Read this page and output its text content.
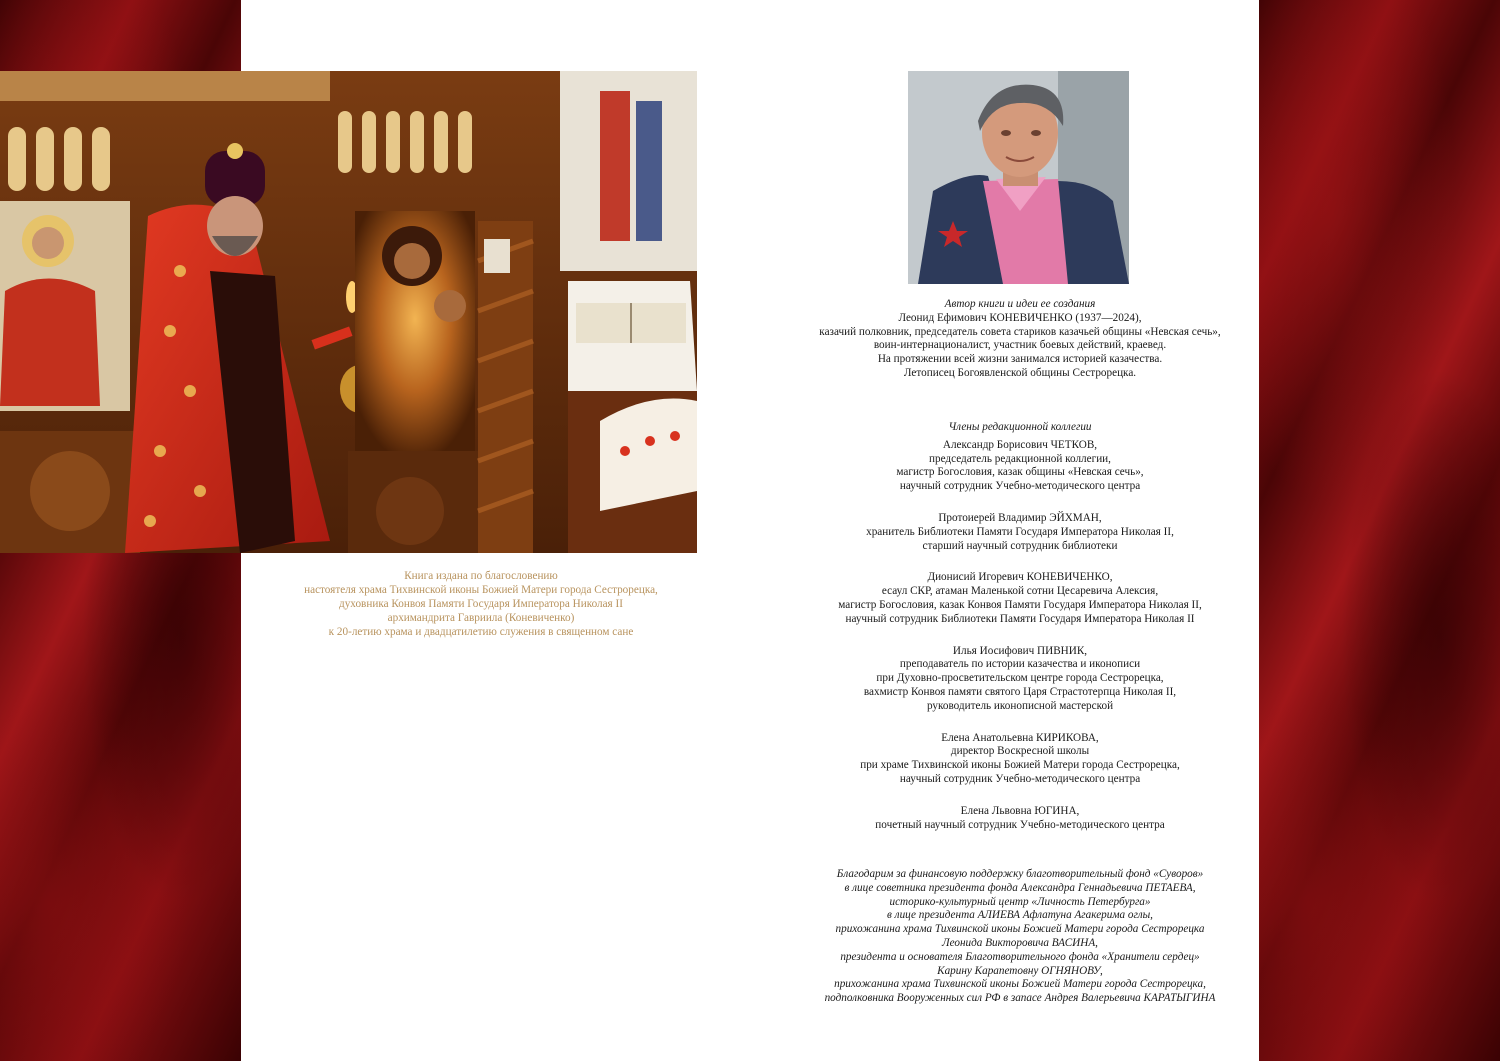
Книга издана по благословению
настоятеля храма Тихвинской иконы Божией Матери города Сестрорецка,
духовника Конвоя Памяти Государя Императора Николая II
архимандрита Гавриила (Коневиченко)
к 20-летию храма и двадцатилетию служения в священном сане
Автор книги и идеи ее создания
Леонид Ефимович КОНЕВИЧЕНКО (1937—2024),
казачий полковник, председатель совета стариков казачьей общины «Невская сечь»,
воин-интернационалист, участник боевых действий, краевед.
На протяжении всей жизни занимался историей казачества.
Летописец Богоявленской общины Сестрорецка.
Члены редакционной коллегии
Александр Борисович ЧЕТКОВ,
председатель редакционной коллегии,
магистр Богословия, казак общины «Невская сечь»,
научный сотрудник Учебно-методического центра
Протоиерей Владимир ЭЙХМАН,
хранитель Библиотеки Памяти Государя Императора Николая II,
старший научный сотрудник библиотеки
Дионисий Игоревич КОНЕВИЧЕНКО,
есаул СКР, атаман Маленькой сотни Цесаревича Алексия,
магистр Богословия, казак Конвоя Памяти Государя Императора Николая II,
научный сотрудник Библиотеки Памяти Государя Императора Николая II
Илья Иосифович ПИВНИК,
преподаватель по истории казачества и иконописи
при Духовно-просветительском центре города Сестрорецка,
вахмистр Конвоя памяти святого Царя Страстотерпца Николая II,
руководитель иконописной мастерской
Елена Анатольевна КИРИКОВА,
директор Воскресной школы
при храме Тихвинской иконы Божией Матери города Сестрорецка,
научный сотрудник Учебно-методического центра
Елена Львовна ЮГИНА,
почетный научный сотрудник Учебно-методического центра
Благодарим за финансовую поддержку благотворительный фонд «Суворов»
в лице советника президента фонда Александра Геннадьевича ПЕТАЕВА,
историко-культурный центр «Личность Петербурга»
в лице президента АЛИЕВА Афлатуна Агакерима оглы,
прихожанина храма Тихвинской иконы Божией Матери города Сестрорецка
Леонида Викторовича ВАСИНА,
президента и основателя Благотворительного фонда «Хранители сердец»
Карину Карапетовну ОГНЯНОВУ,
прихожанина храма Тихвинской иконы Божией Матери города Сестрорецка,
подполковника Вооруженных сил РФ в запасе Андрея Валерьевича КАРАТЫГИНА
